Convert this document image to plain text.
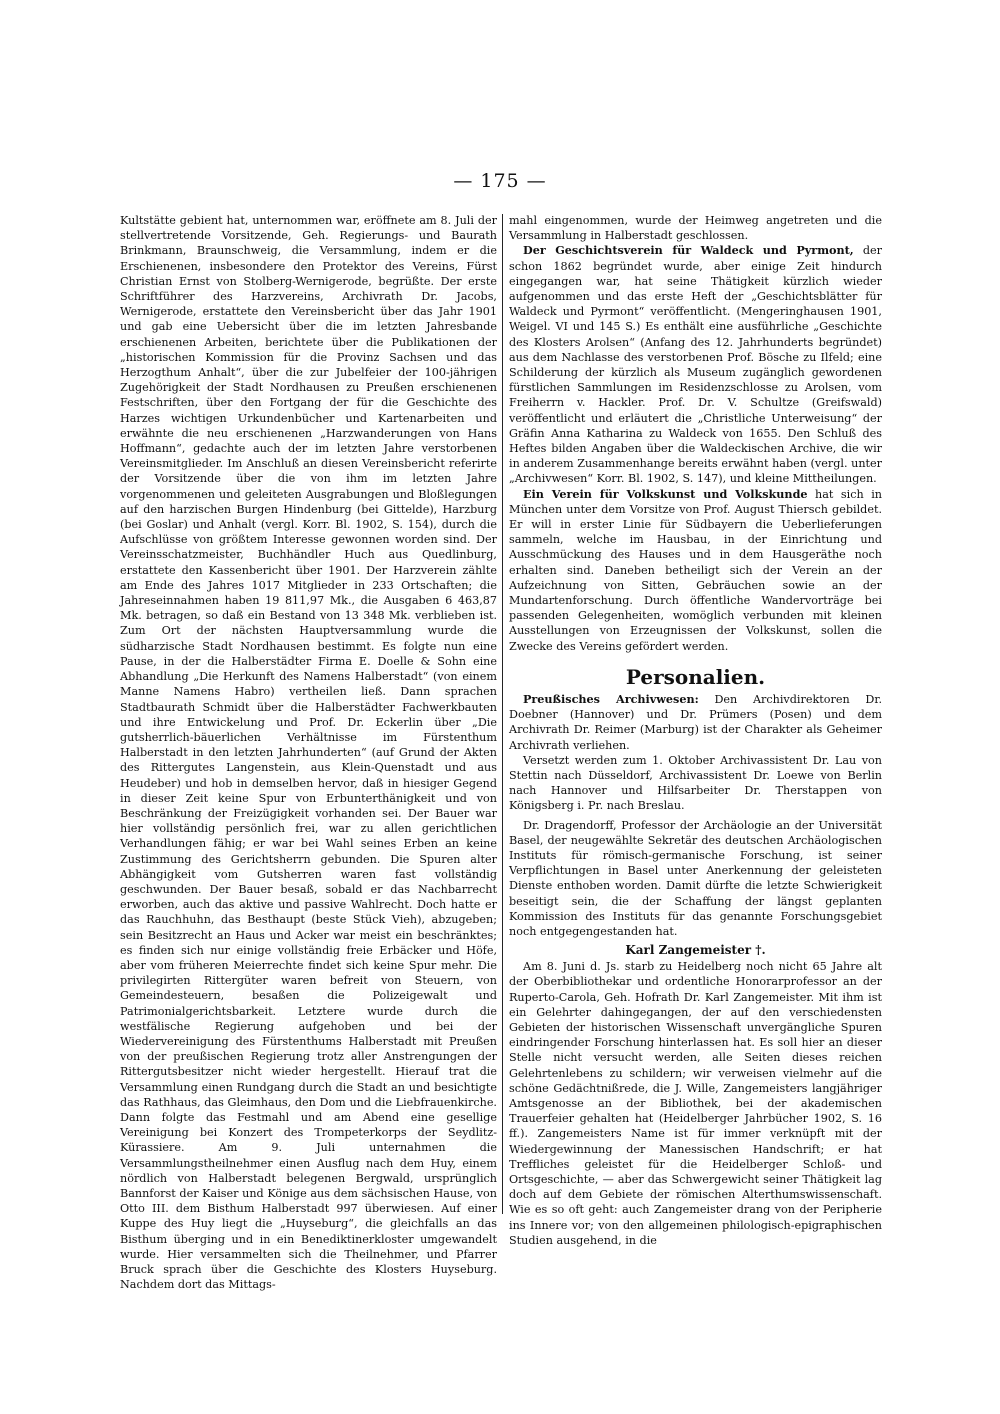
— 175 —

Kultstätte gebient hat, unternommen war, eröffnete am 8. Juli der stellvertretende Vorsitzende, Geh. Regierungs- und Baurath Brinkmann, Braunschweig, die Versammlung, indem er die Erschienenen, insbesondere den Protektor des Vereins, Fürst Christian Ernst von Stolberg-Wernigerode, begrüßte. Der erste Schriftführer des Harzvereins, Archivrath Dr. Jacobs, Wernigerode, erstattete den Vereinsbericht über das Jahr 1901 und gab eine Uebersicht über die im letzten Jahresbande erschienenen Arbeiten, berichtete über die Publikationen der „historischen Kommission für die Provinz Sachsen und das Herzogthum Anhalt“, über die zur Jubelfeier der 100-jährigen Zugehörigkeit der Stadt Nordhausen zu Preußen erschienenen Festschriften, über den Fortgang der für die Geschichte des Harzes wichtigen Urkundenbücher und Kartenarbeiten und erwähnte die neu erschienenen „Harzwanderungen von Hans Hoffmann“, gedachte auch der im letzten Jahre verstorbenen Vereinsmitglieder. Im Anschluß an diesen Vereinsbericht referirte der Vorsitzende über die von ihm im letzten Jahre vorgenommenen und geleiteten Ausgrabungen und Bloßlegungen auf den harzischen Burgen Hindenburg (bei Gittelde), Harzburg (bei Goslar) und Anhalt (vergl. Korr. Bl. 1902, S. 154), durch die Aufschlüsse von größtem Interesse gewonnen worden sind. Der Vereinsschatzmeister, Buchhändler Huch aus Quedlinburg, erstattete den Kassenbericht über 1901. Der Harzverein zählte am Ende des Jahres 1017 Mitglieder in 233 Ortschaften; die Jahreseinnahmen haben 19 811,97 Mk., die Ausgaben 6 463,87 Mk. betragen, so daß ein Bestand von 13 348 Mk. verblieben ist. Zum Ort der nächsten Hauptversammlung wurde die südharzische Stadt Nordhausen bestimmt. Es folgte nun eine Pause, in der die Halberstädter Firma E. Doelle & Sohn eine Abhandlung „Die Herkunft des Namens Halberstadt“ (von einem Manne Namens Habro) vertheilen ließ. Dann sprachen Stadtbaurath Schmidt über die Halberstädter Fachwerkbauten und ihre Entwickelung und Prof. Dr. Eckerlin über „Die gutsherrlich-bäuerlichen Verhältnisse im Fürstenthum Halberstadt in den letzten Jahrhunderten“ (auf Grund der Akten des Rittergutes Langenstein, aus Klein-Quenstadt und aus Heudeber) und hob in demselben hervor, daß in hiesiger Gegend in dieser Zeit keine Spur von Erbunterthänigkeit und von Beschränkung der Freizügigkeit vorhanden sei. Der Bauer war hier vollständig persönlich frei, war zu allen gerichtlichen Verhandlungen fähig; er war bei Wahl seines Erben an keine Zustimmung des Gerichtsherrn gebunden. Die Spuren alter Abhängigkeit vom Gutsherren waren fast vollständig geschwunden. Der Bauer besaß, sobald er das Nachbarrecht erworben, auch das aktive und passive Wahlrecht. Doch hatte er das Rauchhuhn, das Besthaupt (beste Stück Vieh), abzugeben; sein Besitzrecht an Haus und Acker war meist ein beschränktes; es finden sich nur einige vollständig freie Erbäcker und Höfe, aber vom früheren Meierrechte findet sich keine Spur mehr. Die privilegirten Rittergüter waren befreit von Steuern, von Gemeindesteuern, besaßen die Polizeigewalt und Patrimonialgerichtsbarkeit. Letztere wurde durch die westfälische Regierung aufgehoben und bei der Wiedervereinigung des Fürstenthums Halberstadt mit Preußen von der preußischen Regierung trotz aller Anstrengungen der Rittergutsbesitzer nicht wieder hergestellt. Hierauf trat die Versammlung einen Rundgang durch die Stadt an und besichtigte das Rathhaus, das Gleimhaus, den Dom und die Liebfrauenkirche. Dann folgte das Festmahl und am Abend eine gesellige Vereinigung bei Konzert des Trompeterkorps der Seydlitz-Kürassiere. Am 9. Juli unternahmen die Versammlungstheilnehmer einen Ausflug nach dem Huy, einem nördlich von Halberstadt belegenen Bergwald, ursprünglich Bannforst der Kaiser und Könige aus dem sächsischen Hause, von Otto III. dem Bisthum Halberstadt 997 überwiesen. Auf einer Kuppe des Huy liegt die „Huyseburg“, die gleichfalls an das Bisthum überging und in ein Benediktinerkloster umgewandelt wurde. Hier versammelten sich die Theilnehmer, und Pfarrer Bruck sprach über die Geschichte des Klosters Huyseburg. Nachdem dort das Mittags-

mahl eingenommen, wurde der Heimweg angetreten und die Versammlung in Halberstadt geschlossen.

Der Geschichtsverein für Waldeck und Pyrmont, der schon 1862 begründet wurde, aber einige Zeit hindurch eingegangen war, hat seine Thätigkeit kürzlich wieder aufgenommen und das erste Heft der „Geschichtsblätter für Waldeck und Pyrmont“ veröffentlicht. (Mengeringhausen 1901, Weigel. VI und 145 S.) Es enthält eine ausführliche „Geschichte des Klosters Arolsen“ (Anfang des 12. Jahrhunderts begründet) aus dem Nachlasse des verstorbenen Prof. Bösche zu Ilfeld; eine Schilderung der kürzlich als Museum zugänglich gewordenen fürstlichen Sammlungen im Residenzschlosse zu Arolsen, vom Freiherrn v. Hackler. Prof. Dr. V. Schultze (Greifswald) veröffentlicht und erläutert die „Christliche Unterweisung“ der Gräfin Anna Katharina zu Waldeck von 1655. Den Schluß des Heftes bilden Angaben über die Waldeckischen Archive, die wir in anderem Zusammenhange bereits erwähnt haben (vergl. unter „Archivwesen“ Korr. Bl. 1902, S. 147), und kleine Mittheilungen.

Ein Verein für Volkskunst und Volkskunde hat sich in München unter dem Vorsitze von Prof. August Thiersch gebildet. Er will in erster Linie für Südbayern die Ueberlieferungen sammeln, welche im Hausbau, in der Einrichtung und Ausschmückung des Hauses und in dem Hausgeräthe noch erhalten sind. Daneben betheiligt sich der Verein an der Aufzeichnung von Sitten, Gebräuchen sowie an der Mundartenforschung. Durch öffentliche Wandervorträge bei passenden Gelegenheiten, womöglich verbunden mit kleinen Ausstellungen von Erzeugnissen der Volkskunst, sollen die Zwecke des Vereins gefördert werden.

Personalien.

Preußisches Archivwesen: Den Archivdirektoren Dr. Doebner (Hannover) und Dr. Prümers (Posen) und dem Archivrath Dr. Reimer (Marburg) ist der Charakter als Geheimer Archivrath verliehen.

Versetzt werden zum 1. Oktober Archivassistent Dr. Lau von Stettin nach Düsseldorf, Archivassistent Dr. Loewe von Berlin nach Hannover und Hilfsarbeiter Dr. Therstappen von Königsberg i. Pr. nach Breslau.

Dr. Dragendorff, Professor der Archäologie an der Universität Basel, der neugewählte Sekretär des deutschen Archäologischen Instituts für römisch-germanische Forschung, ist seiner Verpflichtungen in Basel unter Anerkennung der geleisteten Dienste enthoben worden. Damit dürfte die letzte Schwierigkeit beseitigt sein, die der Schaffung der längst geplanten Kommission des Instituts für das genannte Forschungsgebiet noch entgegengestanden hat.

Karl Zangemeister †.

Am 8. Juni d. Js. starb zu Heidelberg noch nicht 65 Jahre alt der Oberbibliothekar und ordentliche Honorarprofessor an der Ruperto-Carola, Geh. Hofrath Dr. Karl Zangemeister. Mit ihm ist ein Gelehrter dahingegangen, der auf den verschiedensten Gebieten der historischen Wissenschaft unvergängliche Spuren eindringender Forschung hinterlassen hat. Es soll hier an dieser Stelle nicht versucht werden, alle Seiten dieses reichen Gelehrtenlebens zu schildern; wir verweisen vielmehr auf die schöne Gedächtnißrede, die J. Wille, Zangemeisters langjähriger Amtsgenosse an der Bibliothek, bei der akademischen Trauerfeier gehalten hat (Heidelberger Jahrbücher 1902, S. 16 ff.). Zangemeisters Name ist für immer verknüpft mit der Wiedergewinnung der Manessischen Handschrift; er hat Treffliches geleistet für die Heidelberger Schloß- und Ortsgeschichte, — aber das Schwergewicht seiner Thätigkeit lag doch auf dem Gebiete der römischen Alterthumswissenschaft. Wie es so oft geht: auch Zangemeister drang von der Peripherie ins Innere vor; von den allgemeinen philologisch-epigraphischen Studien ausgehend, in die
